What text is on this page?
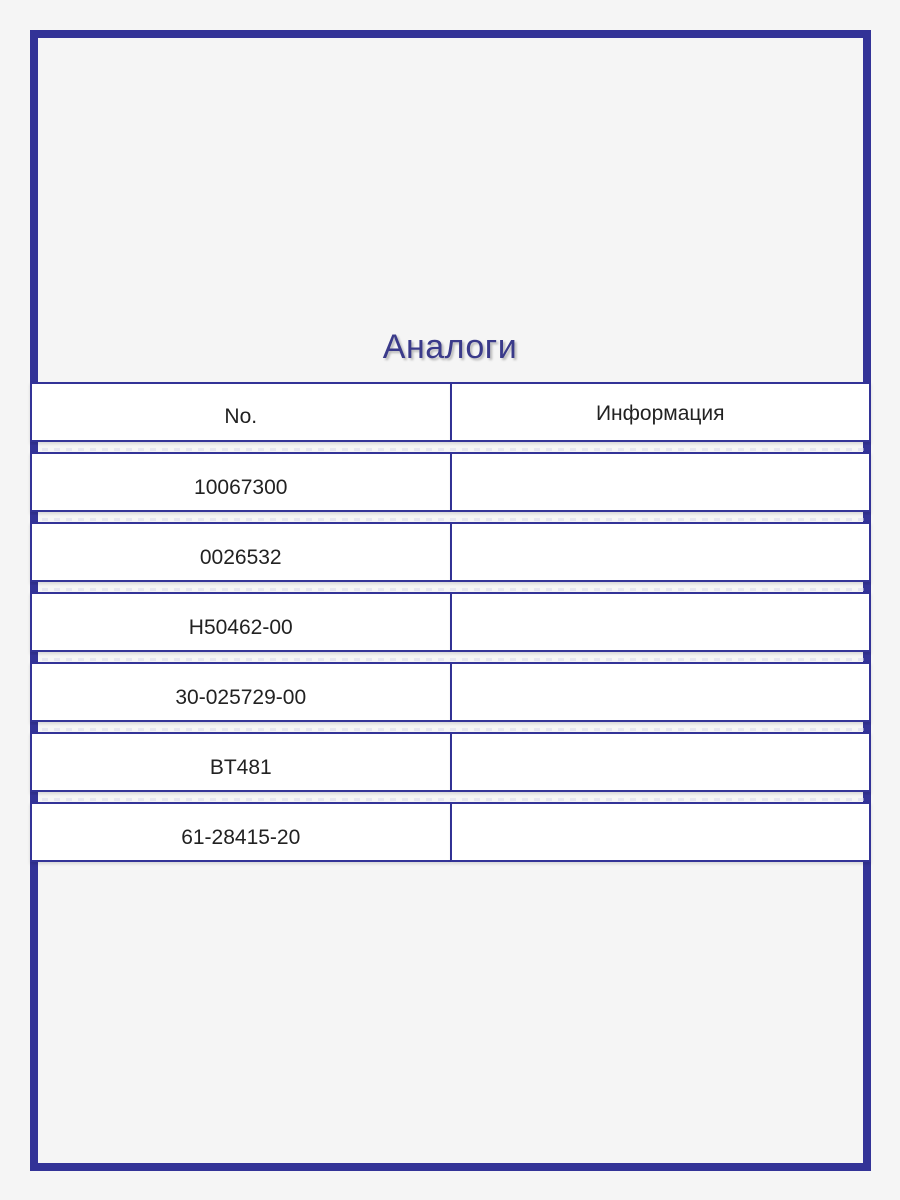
Аналоги
No.	Информация
10067300
0026532
H50462-00
30-025729-00
BT481
61-28415-20
